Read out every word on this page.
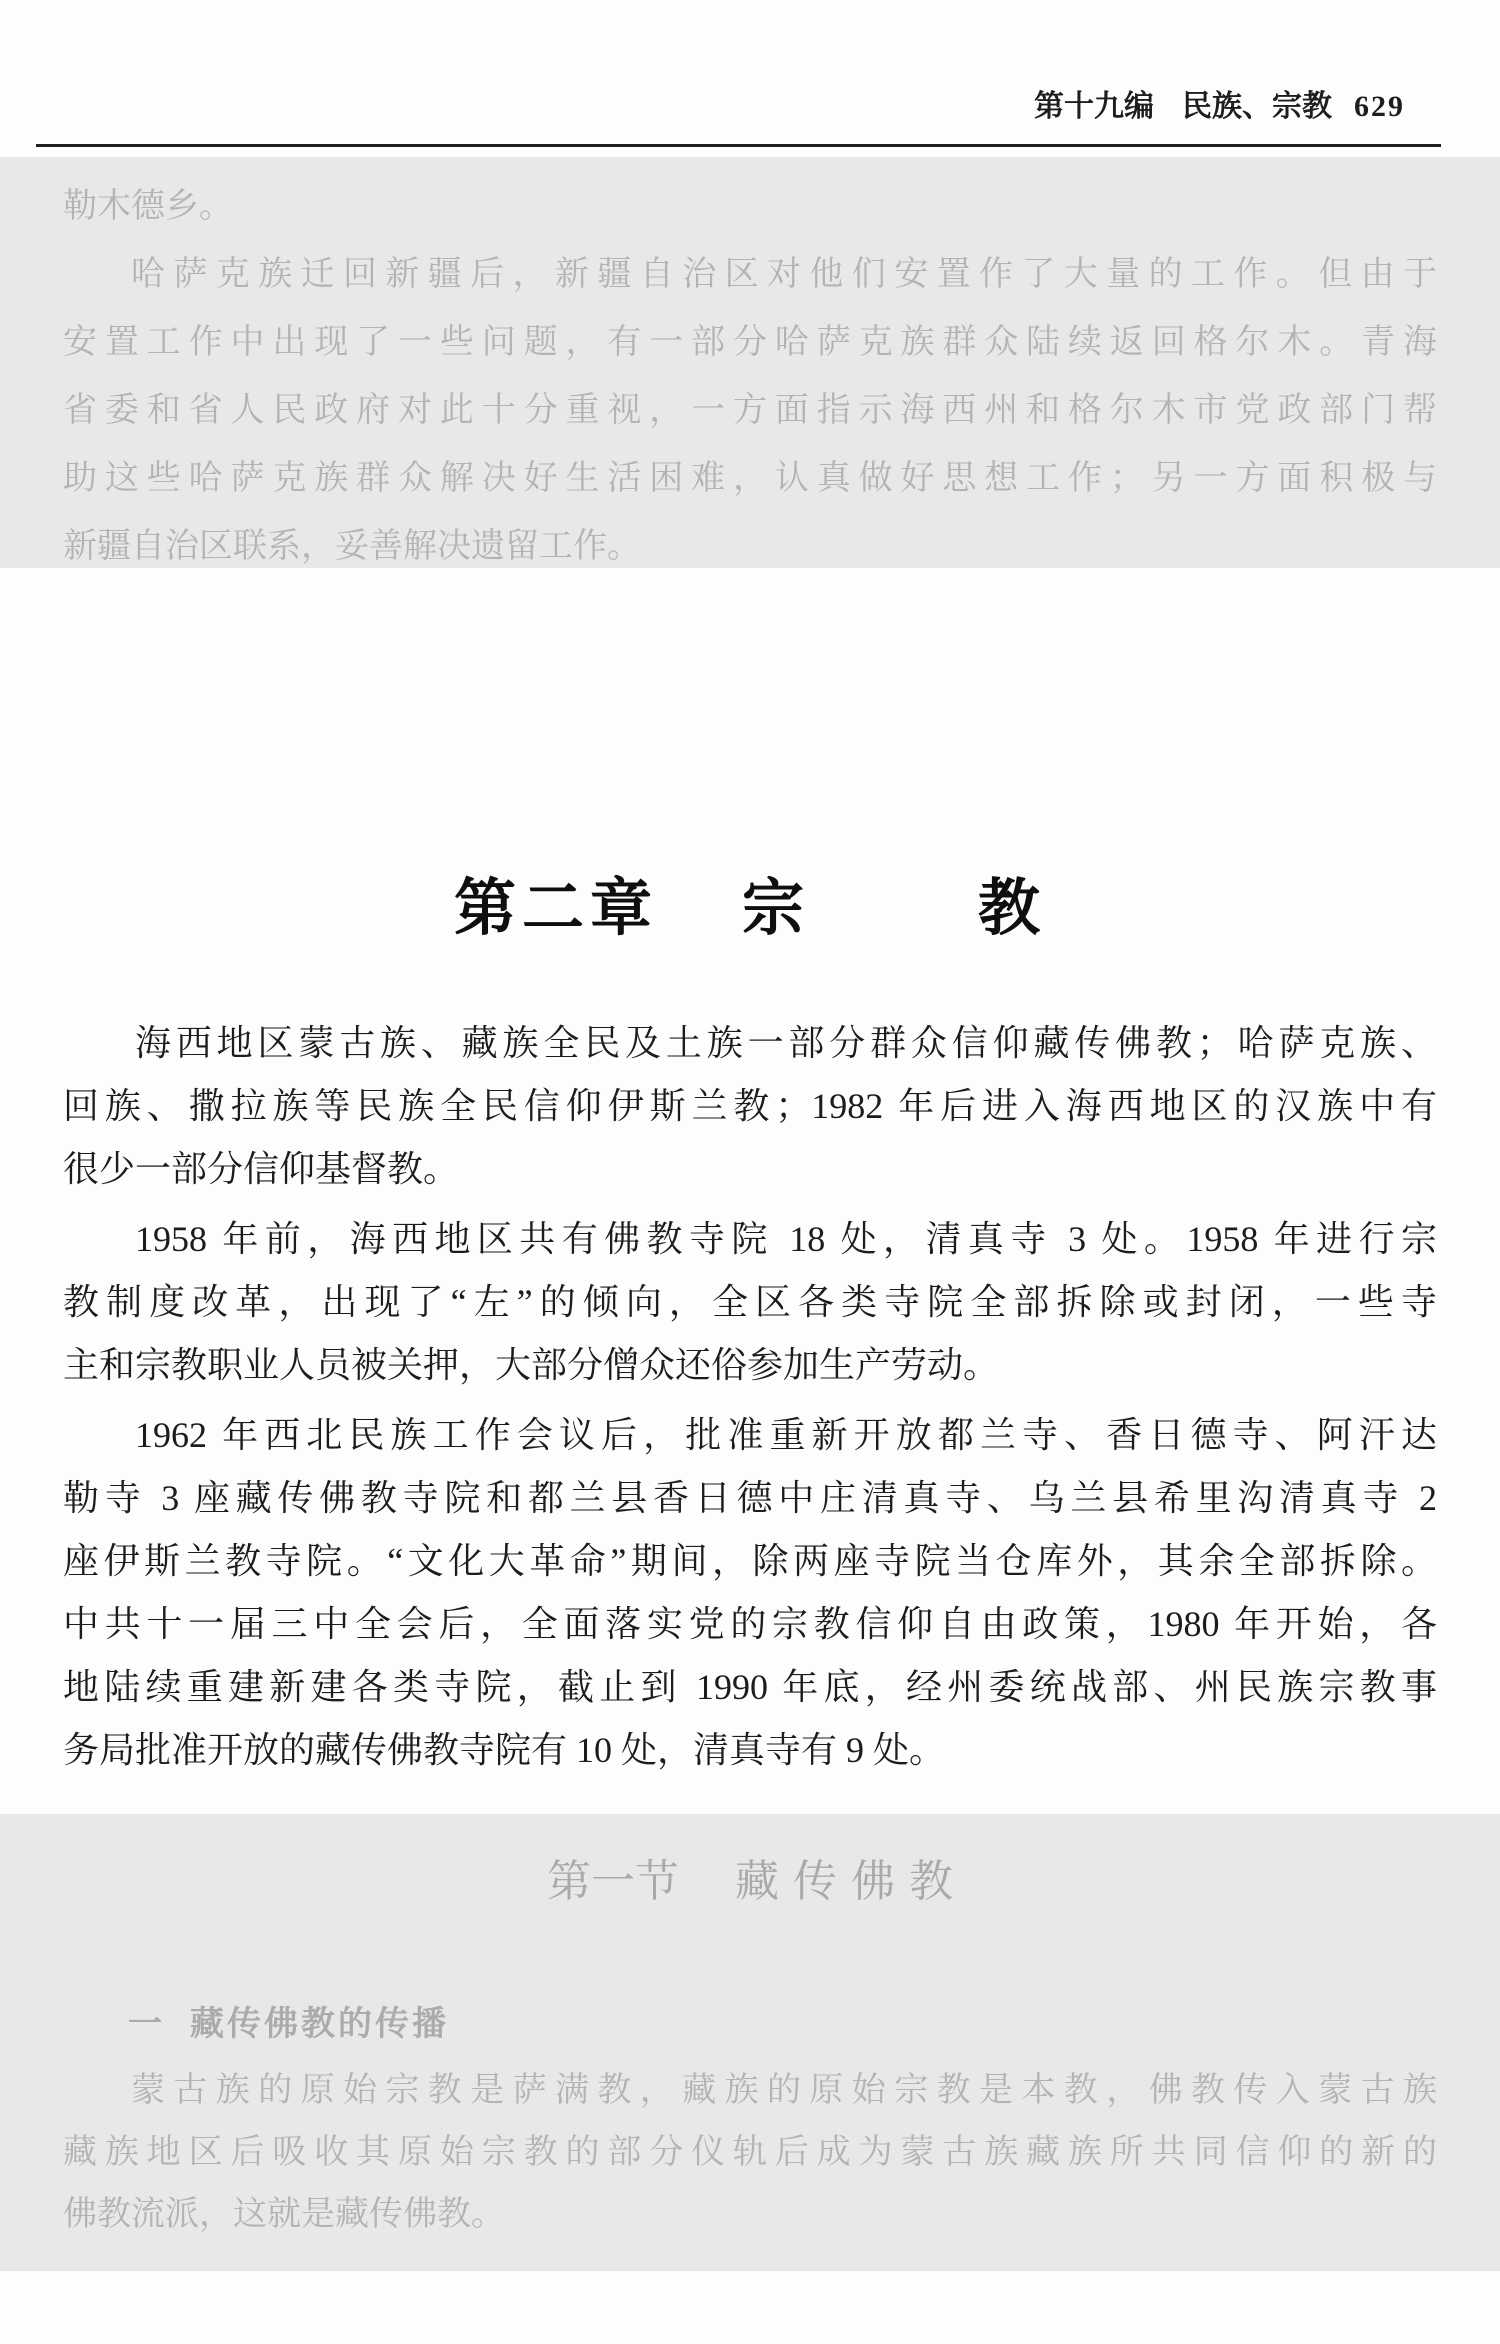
第十九编 民族、宗教 629
勒木德乡。
哈萨克族迁回新疆后，新疆自治区对他们安置作了大量的工作。但由于
安置工作中出现了一些问题，有一部分哈萨克族群众陆续返回格尔木。青海
省委和省人民政府对此十分重视，一方面指示海西州和格尔木市党政部门帮
助这些哈萨克族群众解决好生活困难，认真做好思想工作；另一方面积极与
新疆自治区联系，妥善解决遗留工作。
第二章 宗	教
海西地区蒙古族、藏族全民及土族一部分群众信仰藏传佛教；哈萨克族、
回族、撒拉族等民族全民信仰伊斯兰教；1982 年后进入海西地区的汉族中有
很少一部分信仰基督教。
1958 年前，海西地区共有佛教寺院 18 处，清真寺 3 处。1958 年进行宗
教制度改革，出现了“左”的倾向，全区各类寺院全部拆除或封闭，一些寺
主和宗教职业人员被关押，大部分僧众还俗参加生产劳动。
1962 年西北民族工作会议后，批准重新开放都兰寺、香日德寺、阿汗达
勒寺 3 座藏传佛教寺院和都兰县香日德中庄清真寺、乌兰县希里沟清真寺 2
座伊斯兰教寺院。“文化大革命”期间，除两座寺院当仓库外，其余全部拆除。
中共十一届三中全会后，全面落实党的宗教信仰自由政策，1980 年开始，各
地陆续重建新建各类寺院，截止到 1990 年底，经州委统战部、州民族宗教事
务局批准开放的藏传佛教寺院有 10 处，清真寺有 9 处。
第一节 藏传佛教
一 藏传佛教的传播
蒙古族的原始宗教是萨满教，藏族的原始宗教是本教，佛教传入蒙古族
藏族地区后吸收其原始宗教的部分仪轨后成为蒙古族藏族所共同信仰的新的
佛教流派，这就是藏传佛教。
